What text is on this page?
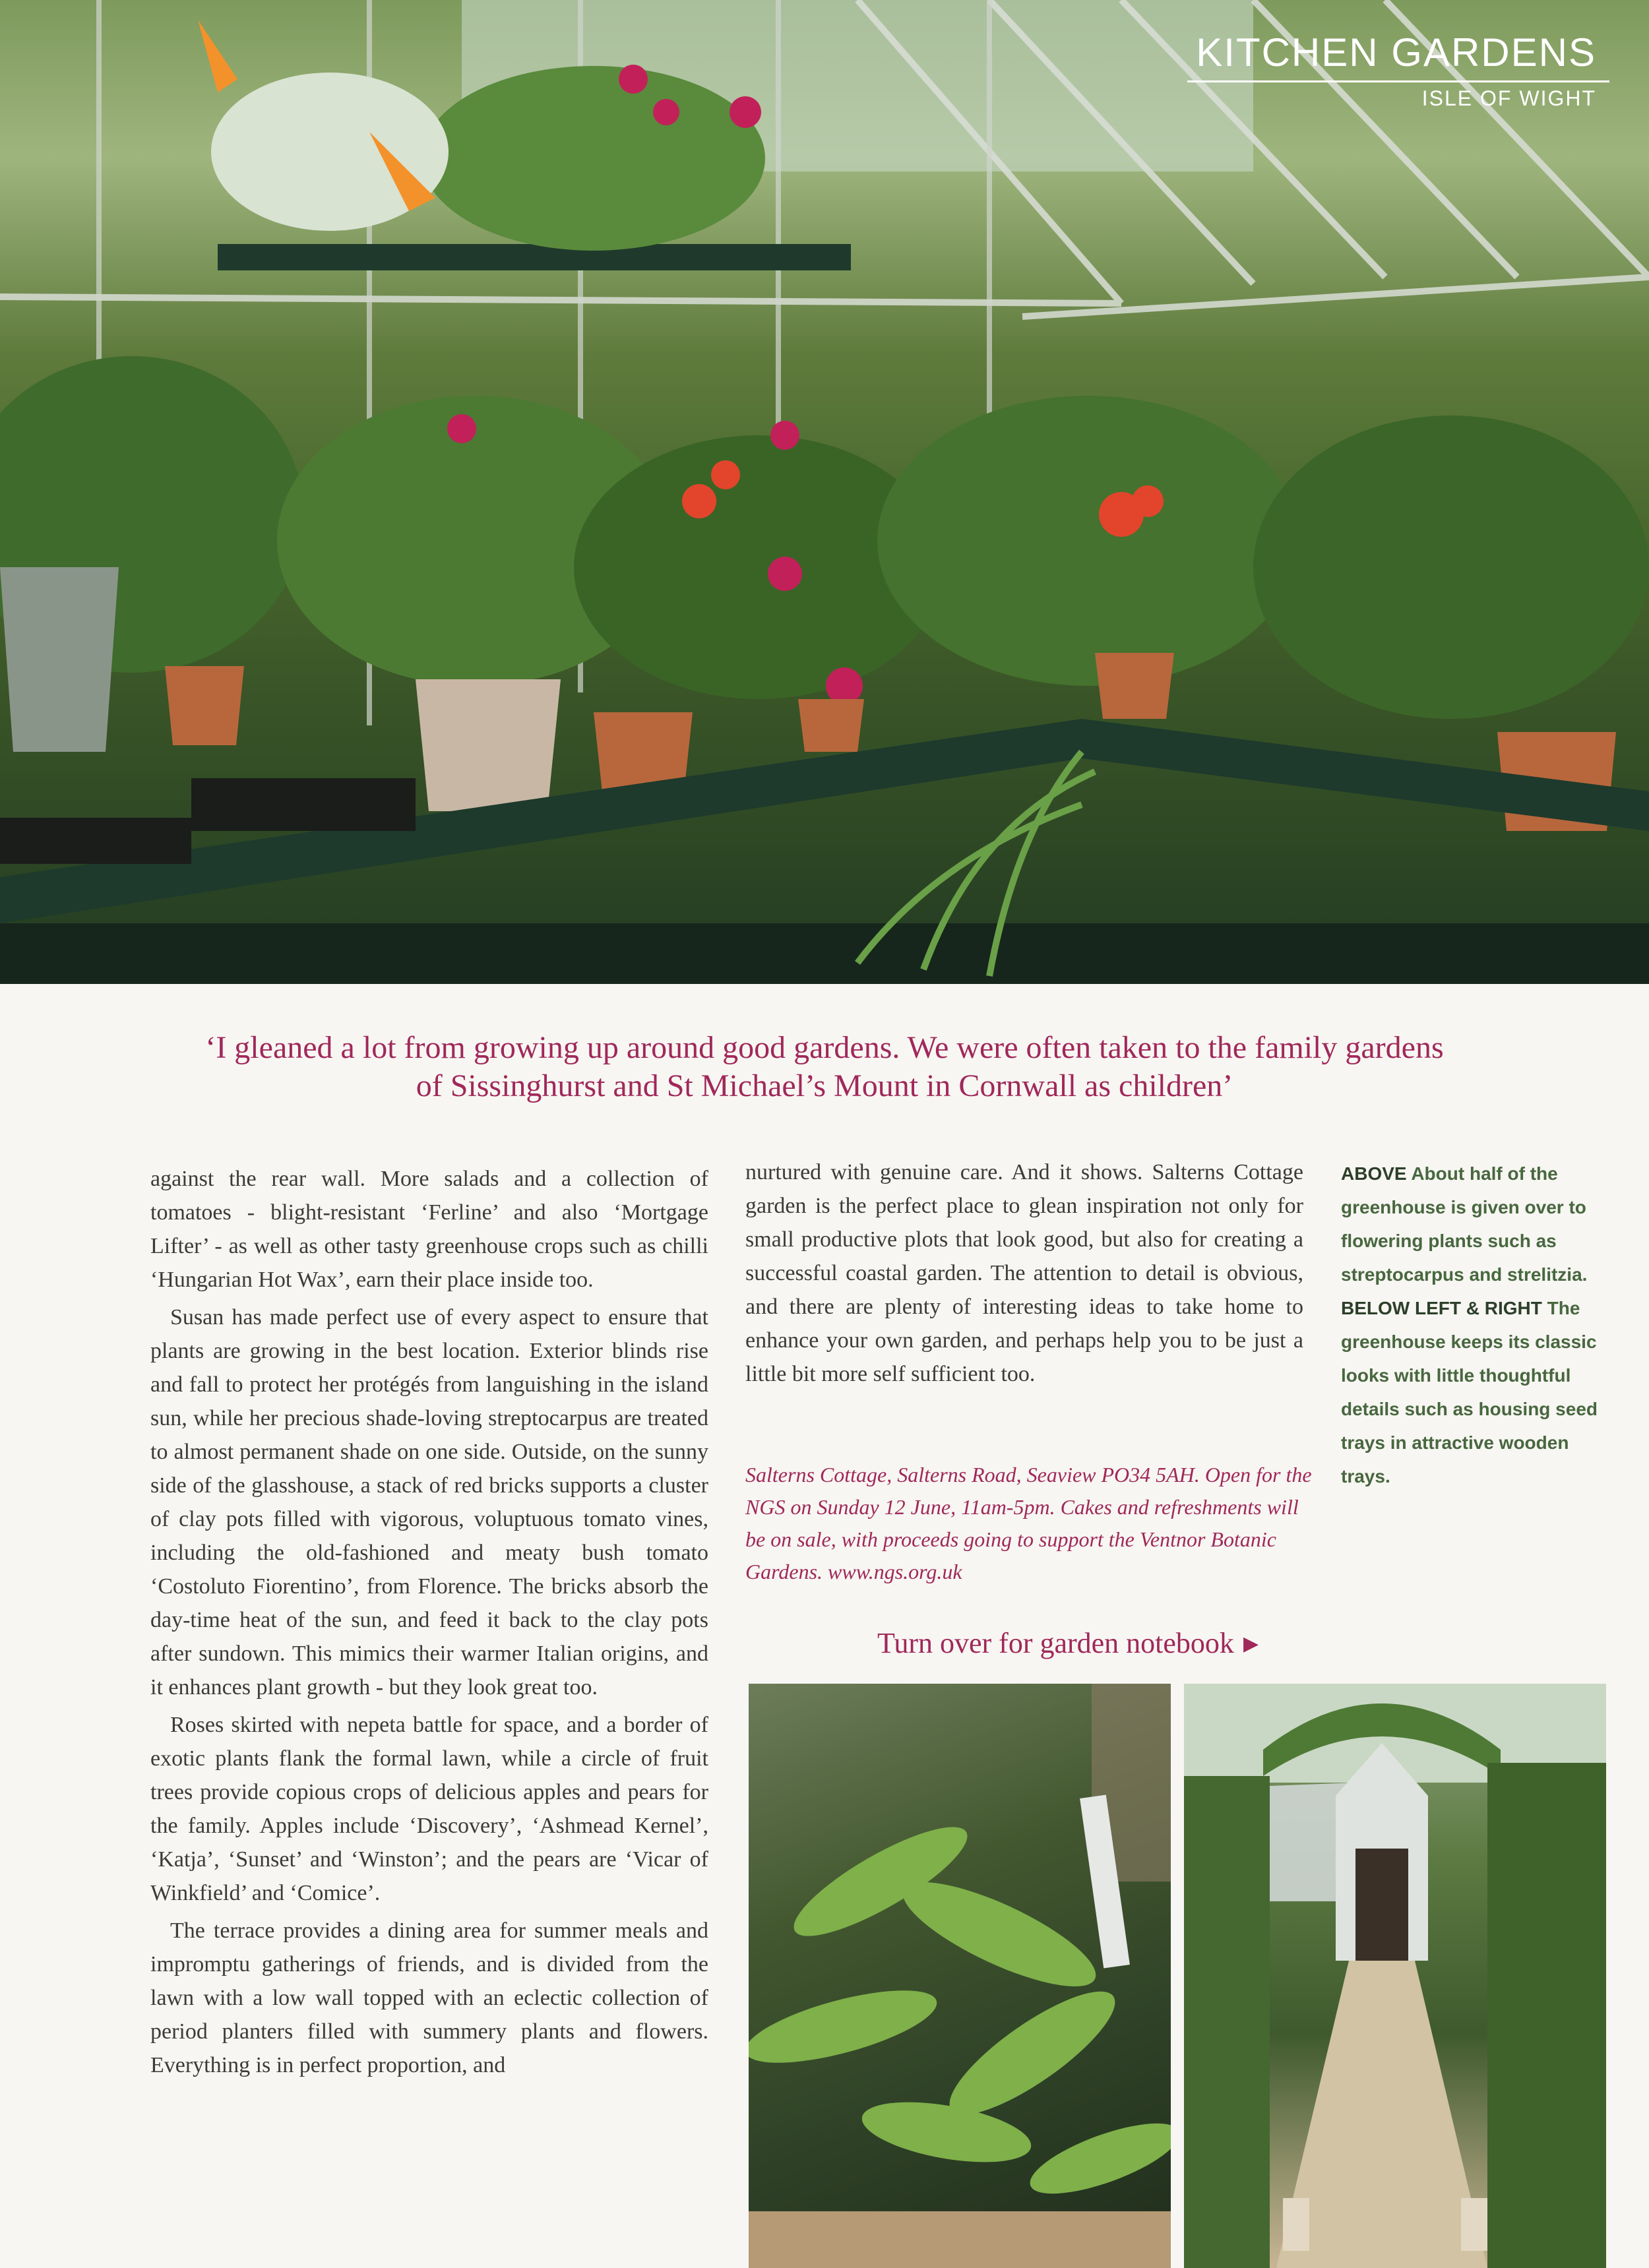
KITCHEN GARDENS
ISLE OF WIGHT
‘I gleaned a lot from growing up around good gardens. We were often taken to the family gardens of Sissinghurst and St Michael’s Mount in Cornwall as children’

against the rear wall. More salads and a collection of tomatoes - blight-resistant ‘Ferline’ and also ‘Mortgage Lifter’ - as well as other tasty greenhouse crops such as chilli ‘Hungarian Hot Wax’, earn their place inside too.

Susan has made perfect use of every aspect to ensure that plants are growing in the best location. Exterior blinds rise and fall to protect her protégés from languishing in the island sun, while her precious shade-loving streptocarpus are treated to almost permanent shade on one side. Outside, on the sunny side of the glasshouse, a stack of red bricks supports a cluster of clay pots filled with vigorous, voluptuous tomato vines, including the old-fashioned and meaty bush tomato ‘Costoluto Fiorentino’, from Florence. The bricks absorb the day-time heat of the sun, and feed it back to the clay pots after sundown. This mimics their warmer Italian origins, and it enhances plant growth - but they look great too.

Roses skirted with nepeta battle for space, and a border of exotic plants flank the formal lawn, while a circle of fruit trees provide copious crops of delicious apples and pears for the family. Apples include ‘Discovery’, ‘Ashmead Kernel’, ‘Katja’, ‘Sunset’ and ‘Winston’; and the pears are ‘Vicar of Winkfield’ and ‘Comice’.

The terrace provides a dining area for summer meals and impromptu gatherings of friends, and is divided from the lawn with a low wall topped with an eclectic collection of period planters filled with summery plants and flowers. Everything is in perfect proportion, and

nurtured with genuine care. And it shows. Salterns Cottage garden is the perfect place to glean inspiration not only for small productive plots that look good, but also for creating a successful coastal garden. The attention to detail is obvious, and there are plenty of interesting ideas to take home to enhance your own garden, and perhaps help you to be just a little bit more self sufficient too.

Salterns Cottage, Salterns Road, Seaview PO34 5AH. Open for the NGS on Sunday 12 June, 11am-5pm. Cakes and refreshments will be on sale, with proceeds going to support the Ventnor Botanic Gardens. www.ngs.org.uk
ABOVE About half of the greenhouse is given over to flowering plants such as streptocarpus and strelitzia. BELOW LEFT & RIGHT The greenhouse keeps its classic looks with little thoughtful details such as housing seed trays in attractive wooden trays.
Turn over for garden notebook ▶
